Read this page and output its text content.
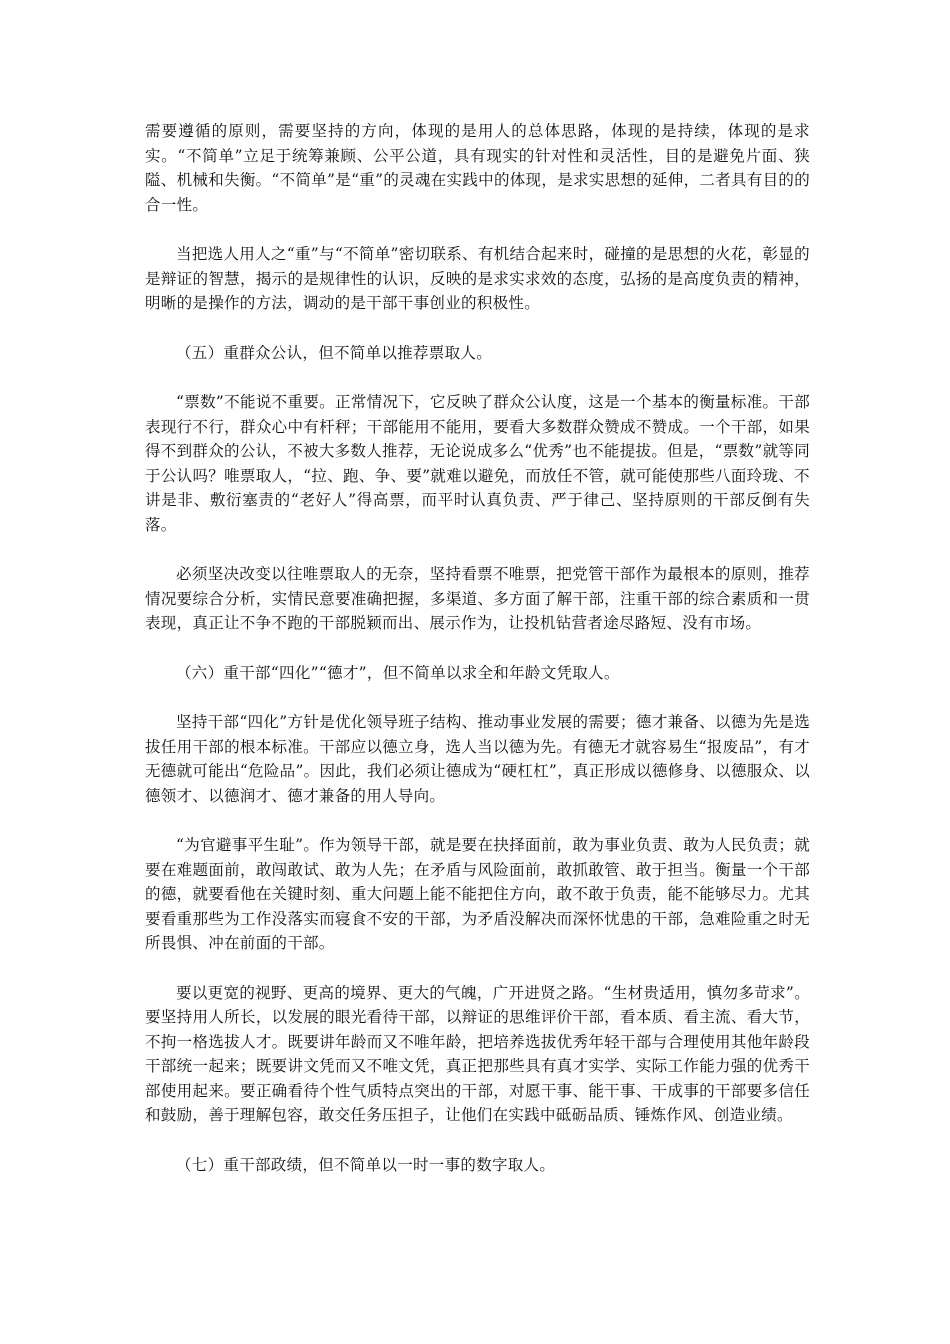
需要遵循的原则，需要坚持的方向，体现的是用人的总体思路，体现的是持续，体现的是求实。“不简单”立足于统筹兼顾、公平公道，具有现实的针对性和灵活性，目的是避免片面、狭隘、机械和失衡。“不简单”是“重”的灵魂在实践中的体现，是求实思想的延伸，二者具有目的的合一性。

当把选人用人之“重”与“不简单”密切联系、有机结合起来时，碰撞的是思想的火花，彰显的是辩证的智慧，揭示的是规律性的认识，反映的是求实求效的态度，弘扬的是高度负责的精神，明晰的是操作的方法，调动的是干部干事创业的积极性。

（五）重群众公认，但不简单以推荐票取人。

“票数”不能说不重要。正常情况下，它反映了群众公认度，这是一个基本的衡量标准。干部表现行不行，群众心中有杆秤；干部能用不能用，要看大多数群众赞成不赞成。一个干部，如果得不到群众的公认，不被大多数人推荐，无论说成多么“优秀”也不能提拔。但是，“票数”就等同于公认吗？唯票取人，“拉、跑、争、要”就难以避免，而放任不管，就可能使那些八面玲珑、不讲是非、敷衍塞责的“老好人”得高票，而平时认真负责、严于律己、坚持原则的干部反倒有失落。

必须坚决改变以往唯票取人的无奈，坚持看票不唯票，把党管干部作为最根本的原则，推荐情况要综合分析，实情民意要准确把握，多渠道、多方面了解干部，注重干部的综合素质和一贯表现，真正让不争不跑的干部脱颖而出、展示作为，让投机钻营者途尽路短、没有市场。

（六）重干部“四化”“德才”，但不简单以求全和年龄文凭取人。

坚持干部“四化”方针是优化领导班子结构、推动事业发展的需要；德才兼备、以德为先是选拔任用干部的根本标准。干部应以德立身，选人当以德为先。有德无才就容易生“报废品”，有才无德就可能出“危险品”。因此，我们必须让德成为“硬杠杠”，真正形成以德修身、以德服众、以德领才、以德润才、德才兼备的用人导向。

“为官避事平生耻”。作为领导干部，就是要在抉择面前，敢为事业负责、敢为人民负责；就要在难题面前，敢闯敢试、敢为人先；在矛盾与风险面前，敢抓敢管、敢于担当。衡量一个干部的德，就要看他在关键时刻、重大问题上能不能把住方向，敢不敢于负责，能不能够尽力。尤其要看重那些为工作没落实而寝食不安的干部，为矛盾没解决而深怀忧患的干部，急难险重之时无所畏惧、冲在前面的干部。

要以更宽的视野、更高的境界、更大的气魄，广开进贤之路。“生材贵适用，慎勿多苛求”。要坚持用人所长，以发展的眼光看待干部，以辩证的思维评价干部，看本质、看主流、看大节，不拘一格选拔人才。既要讲年龄而又不唯年龄，把培养选拔优秀年轻干部与合理使用其他年龄段干部统一起来；既要讲文凭而又不唯文凭，真正把那些具有真才实学、实际工作能力强的优秀干部使用起来。要正确看待个性气质特点突出的干部，对愿干事、能干事、干成事的干部要多信任和鼓励，善于理解包容，敢交任务压担子，让他们在实践中砥砺品质、锤炼作风、创造业绩。

（七）重干部政绩，但不简单以一时一事的数字取人。
